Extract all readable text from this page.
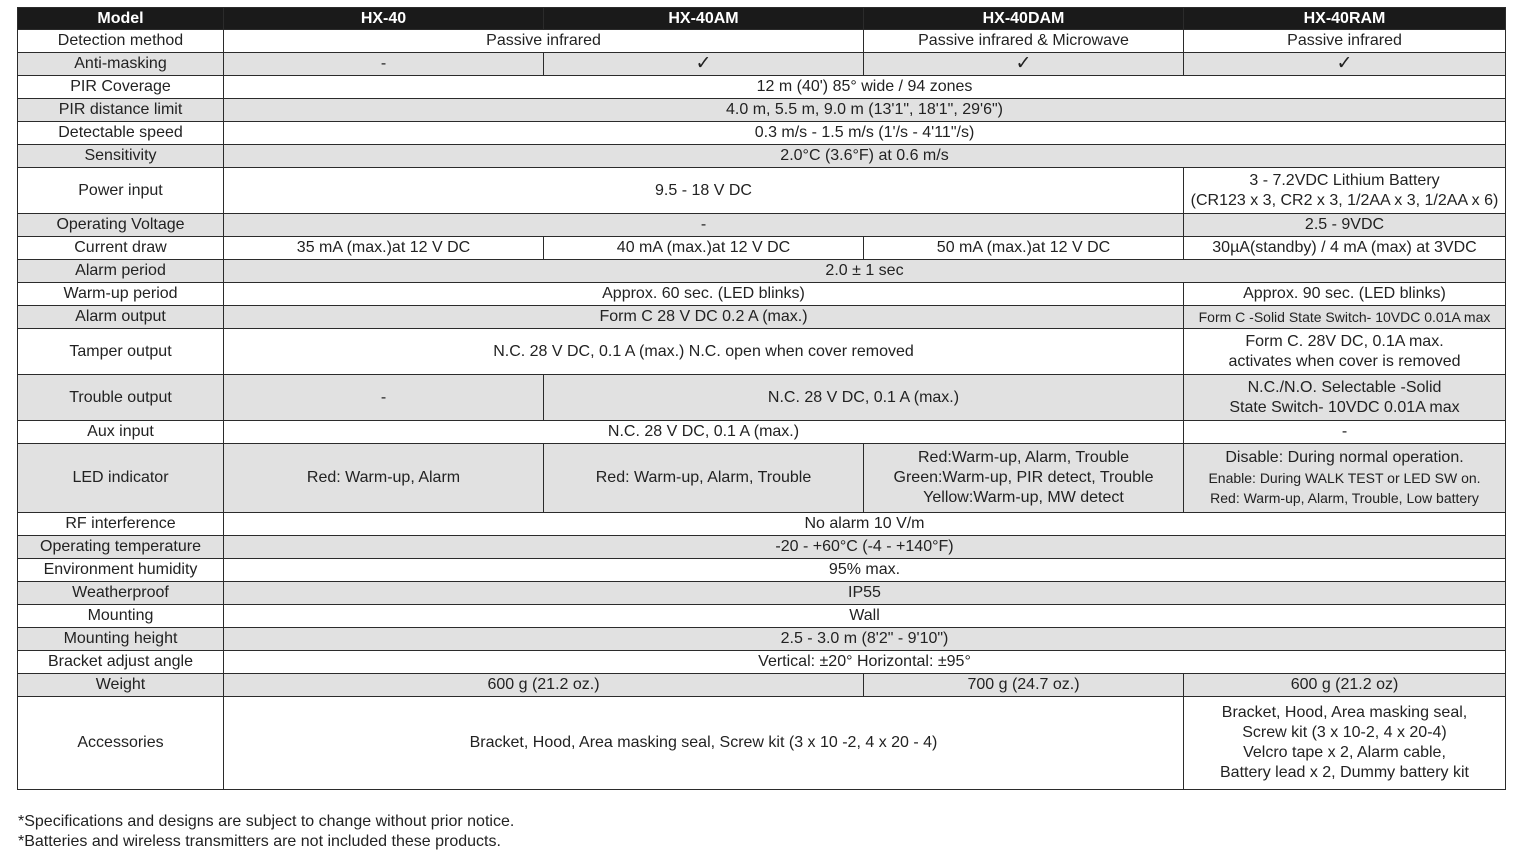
Model	HX-40	HX-40AM	HX-40DAM	HX-40RAM
Detection method	Passive infrared		Passive infrared & Microwave	Passive infrared
Anti-masking	-	✓	✓	✓
PIR Coverage	12 m (40') 85° wide / 94 zones			
PIR distance limit	4.0 m, 5.5 m, 9.0 m (13'1", 18'1", 29'6")			
Detectable speed	0.3 m/s - 1.5 m/s (1'/s - 4'11"/s)			
Sensitivity	2.0°C (3.6°F) at 0.6 m/s			
Power input	9.5 - 18 V DC			3 - 7.2VDC Lithium Battery
(CR123 x 3, CR2 x 3, 1/2AA x 3, 1/2AA x 6)

Operating Voltage	-			2.5 - 9VDC
Current draw	35 mA (max.)at 12 V DC	40 mA (max.)at 12 V DC	50 mA (max.)at 12 V DC	30µA(standby) / 4 mA (max) at 3VDC
Alarm period	2.0 ± 1 sec			
Warm-up period	Approx. 60 sec. (LED blinks)			Approx. 90 sec. (LED blinks)
Alarm output	Form C 28 V DC 0.2 A (max.)			Form C -Solid State Switch- 10VDC 0.01A max
Tamper output	N.C. 28 V DC, 0.1 A (max.) N.C. open when cover removed			Form C. 28V DC, 0.1A max.
activates when cover is removed

Trouble output	-	N.C. 28 V DC, 0.1 A (max.)		N.C./N.O. Selectable -Solid
State Switch- 10VDC 0.01A max

Aux input	N.C. 28 V DC, 0.1 A (max.)			-
LED indicator	Red: Warm-up, Alarm	Red: Warm-up, Alarm, Trouble	Red:Warm-up, Alarm, Trouble
Green:Warm-up, PIR detect, Trouble
Yellow:Warm-up, MW detect	Disable: During normal operation.
Enable: During WALK TEST or LED SW on.
Red: Warm-up, Alarm, Trouble, Low battery

RF interference	No alarm 10 V/m			
Operating temperature	-20 - +60°C (-4 - +140°F)			
Environment humidity	95% max.			
Weatherproof	IP55			
Mounting	Wall			
Mounting height	2.5 - 3.0 m (8'2" - 9'10")			
Bracket adjust angle	Vertical: ±20° Horizontal: ±95°			
Weight	600 g (21.2 oz.)		700 g (24.7 oz.)	600 g (21.2 oz)
Accessories	Bracket, Hood, Area masking seal, Screw kit (3 x 10 -2, 4 x 20 - 4)			Bracket, Hood, Area masking seal,
Screw kit (3 x 10-2, 4 x 20-4)
Velcro tape x 2, Alarm cable,
Battery lead x 2, Dummy battery kit
*Specifications and designs are subject to change without prior notice.
*Batteries and wireless transmitters are not included these products.
